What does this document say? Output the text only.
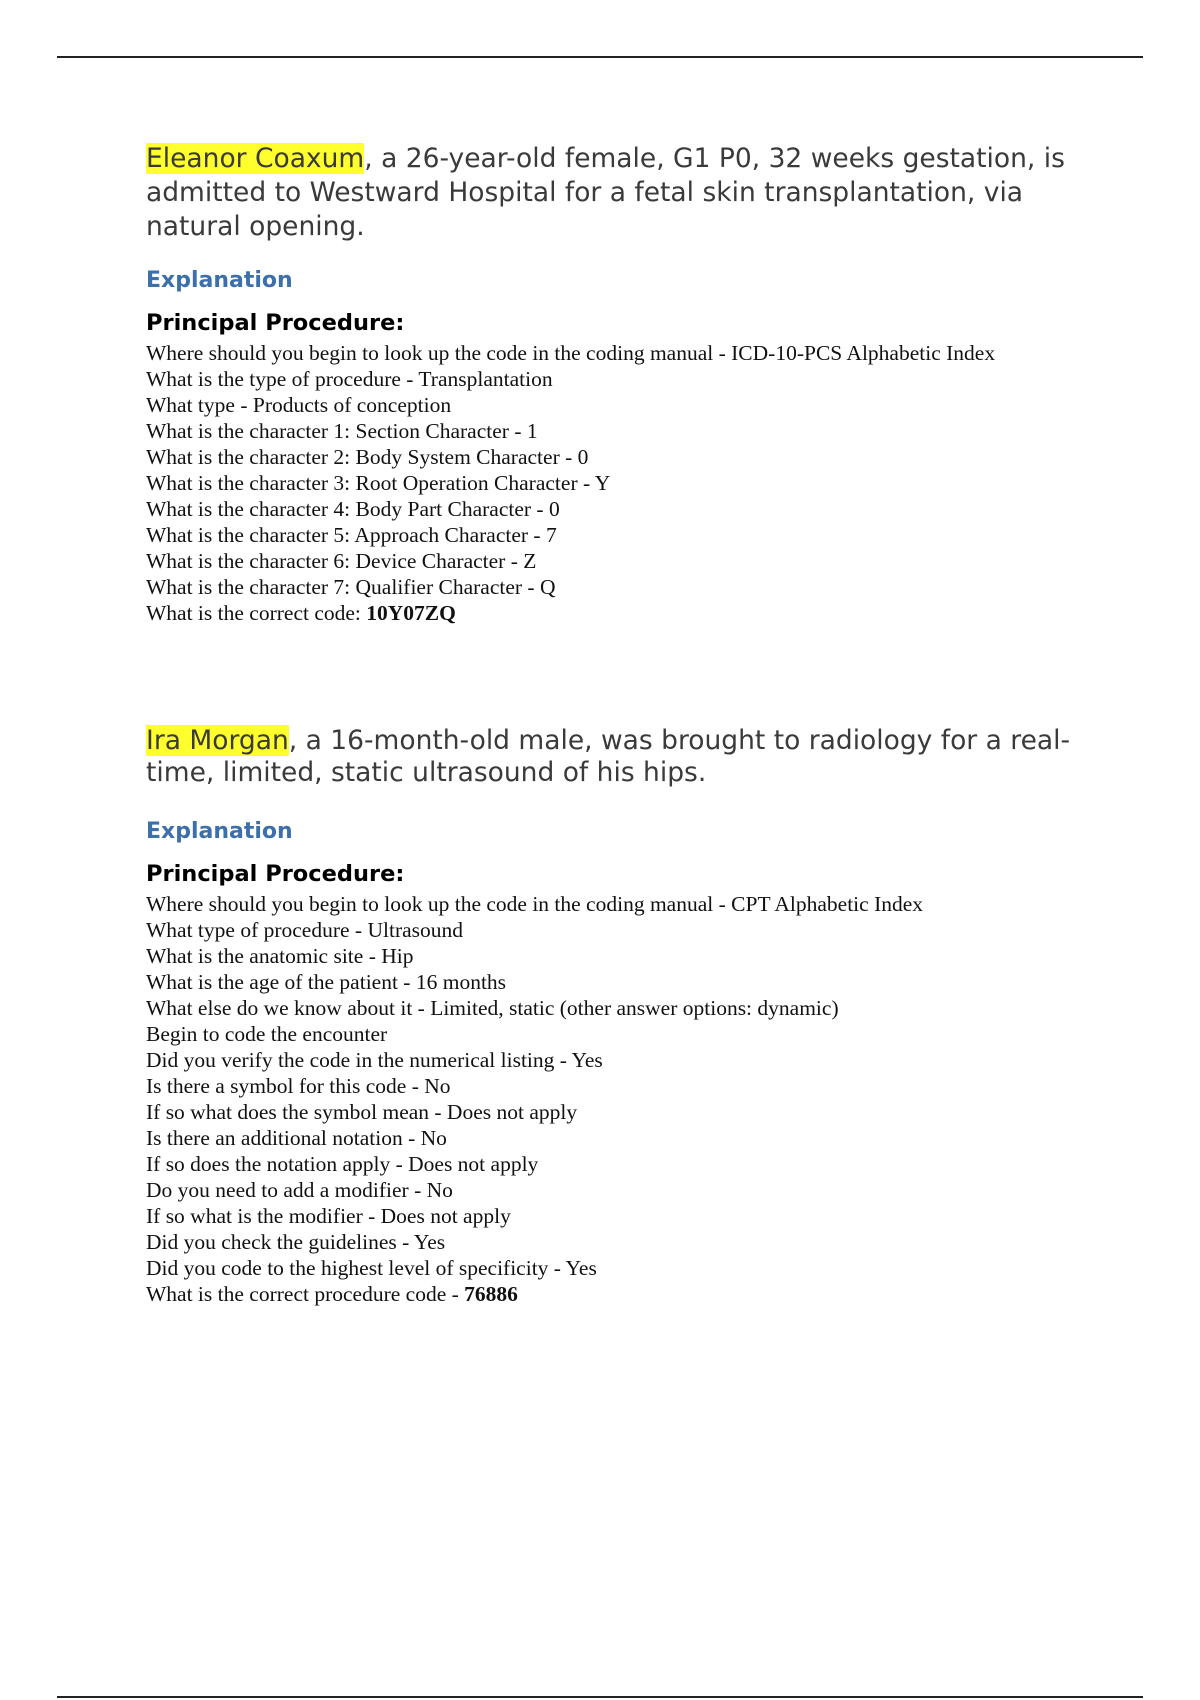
Eleanor Coaxum, a 26-year-old female, G1 P0, 32 weeks gestation, is admitted to Westward Hospital for a fetal skin transplantation, via natural opening.

Explanation
Principal Procedure:
Where should you begin to look up the code in the coding manual - ICD-10-PCS Alphabetic Index
What is the type of procedure - Transplantation
What type - Products of conception
What is the character 1: Section Character - 1
What is the character 2: Body System Character - 0
What is the character 3: Root Operation Character - Y
What is the character 4: Body Part Character - 0
What is the character 5: Approach Character - 7
What is the character 6: Device Character - Z
What is the character 7: Qualifier Character - Q
What is the correct code: 10Y07ZQ

Ira Morgan, a 16-month-old male, was brought to radiology for a real-time, limited, static ultrasound of his hips.

Explanation
Principal Procedure:
Where should you begin to look up the code in the coding manual - CPT Alphabetic Index
What type of procedure - Ultrasound
What is the anatomic site - Hip
What is the age of the patient - 16 months
What else do we know about it - Limited, static (other answer options: dynamic)
Begin to code the encounter
Did you verify the code in the numerical listing - Yes
Is there a symbol for this code - No
If so what does the symbol mean - Does not apply
Is there an additional notation - No
If so does the notation apply - Does not apply
Do you need to add a modifier - No
If so what is the modifier - Does not apply
Did you check the guidelines - Yes
Did you code to the highest level of specificity - Yes
What is the correct procedure code - 76886
